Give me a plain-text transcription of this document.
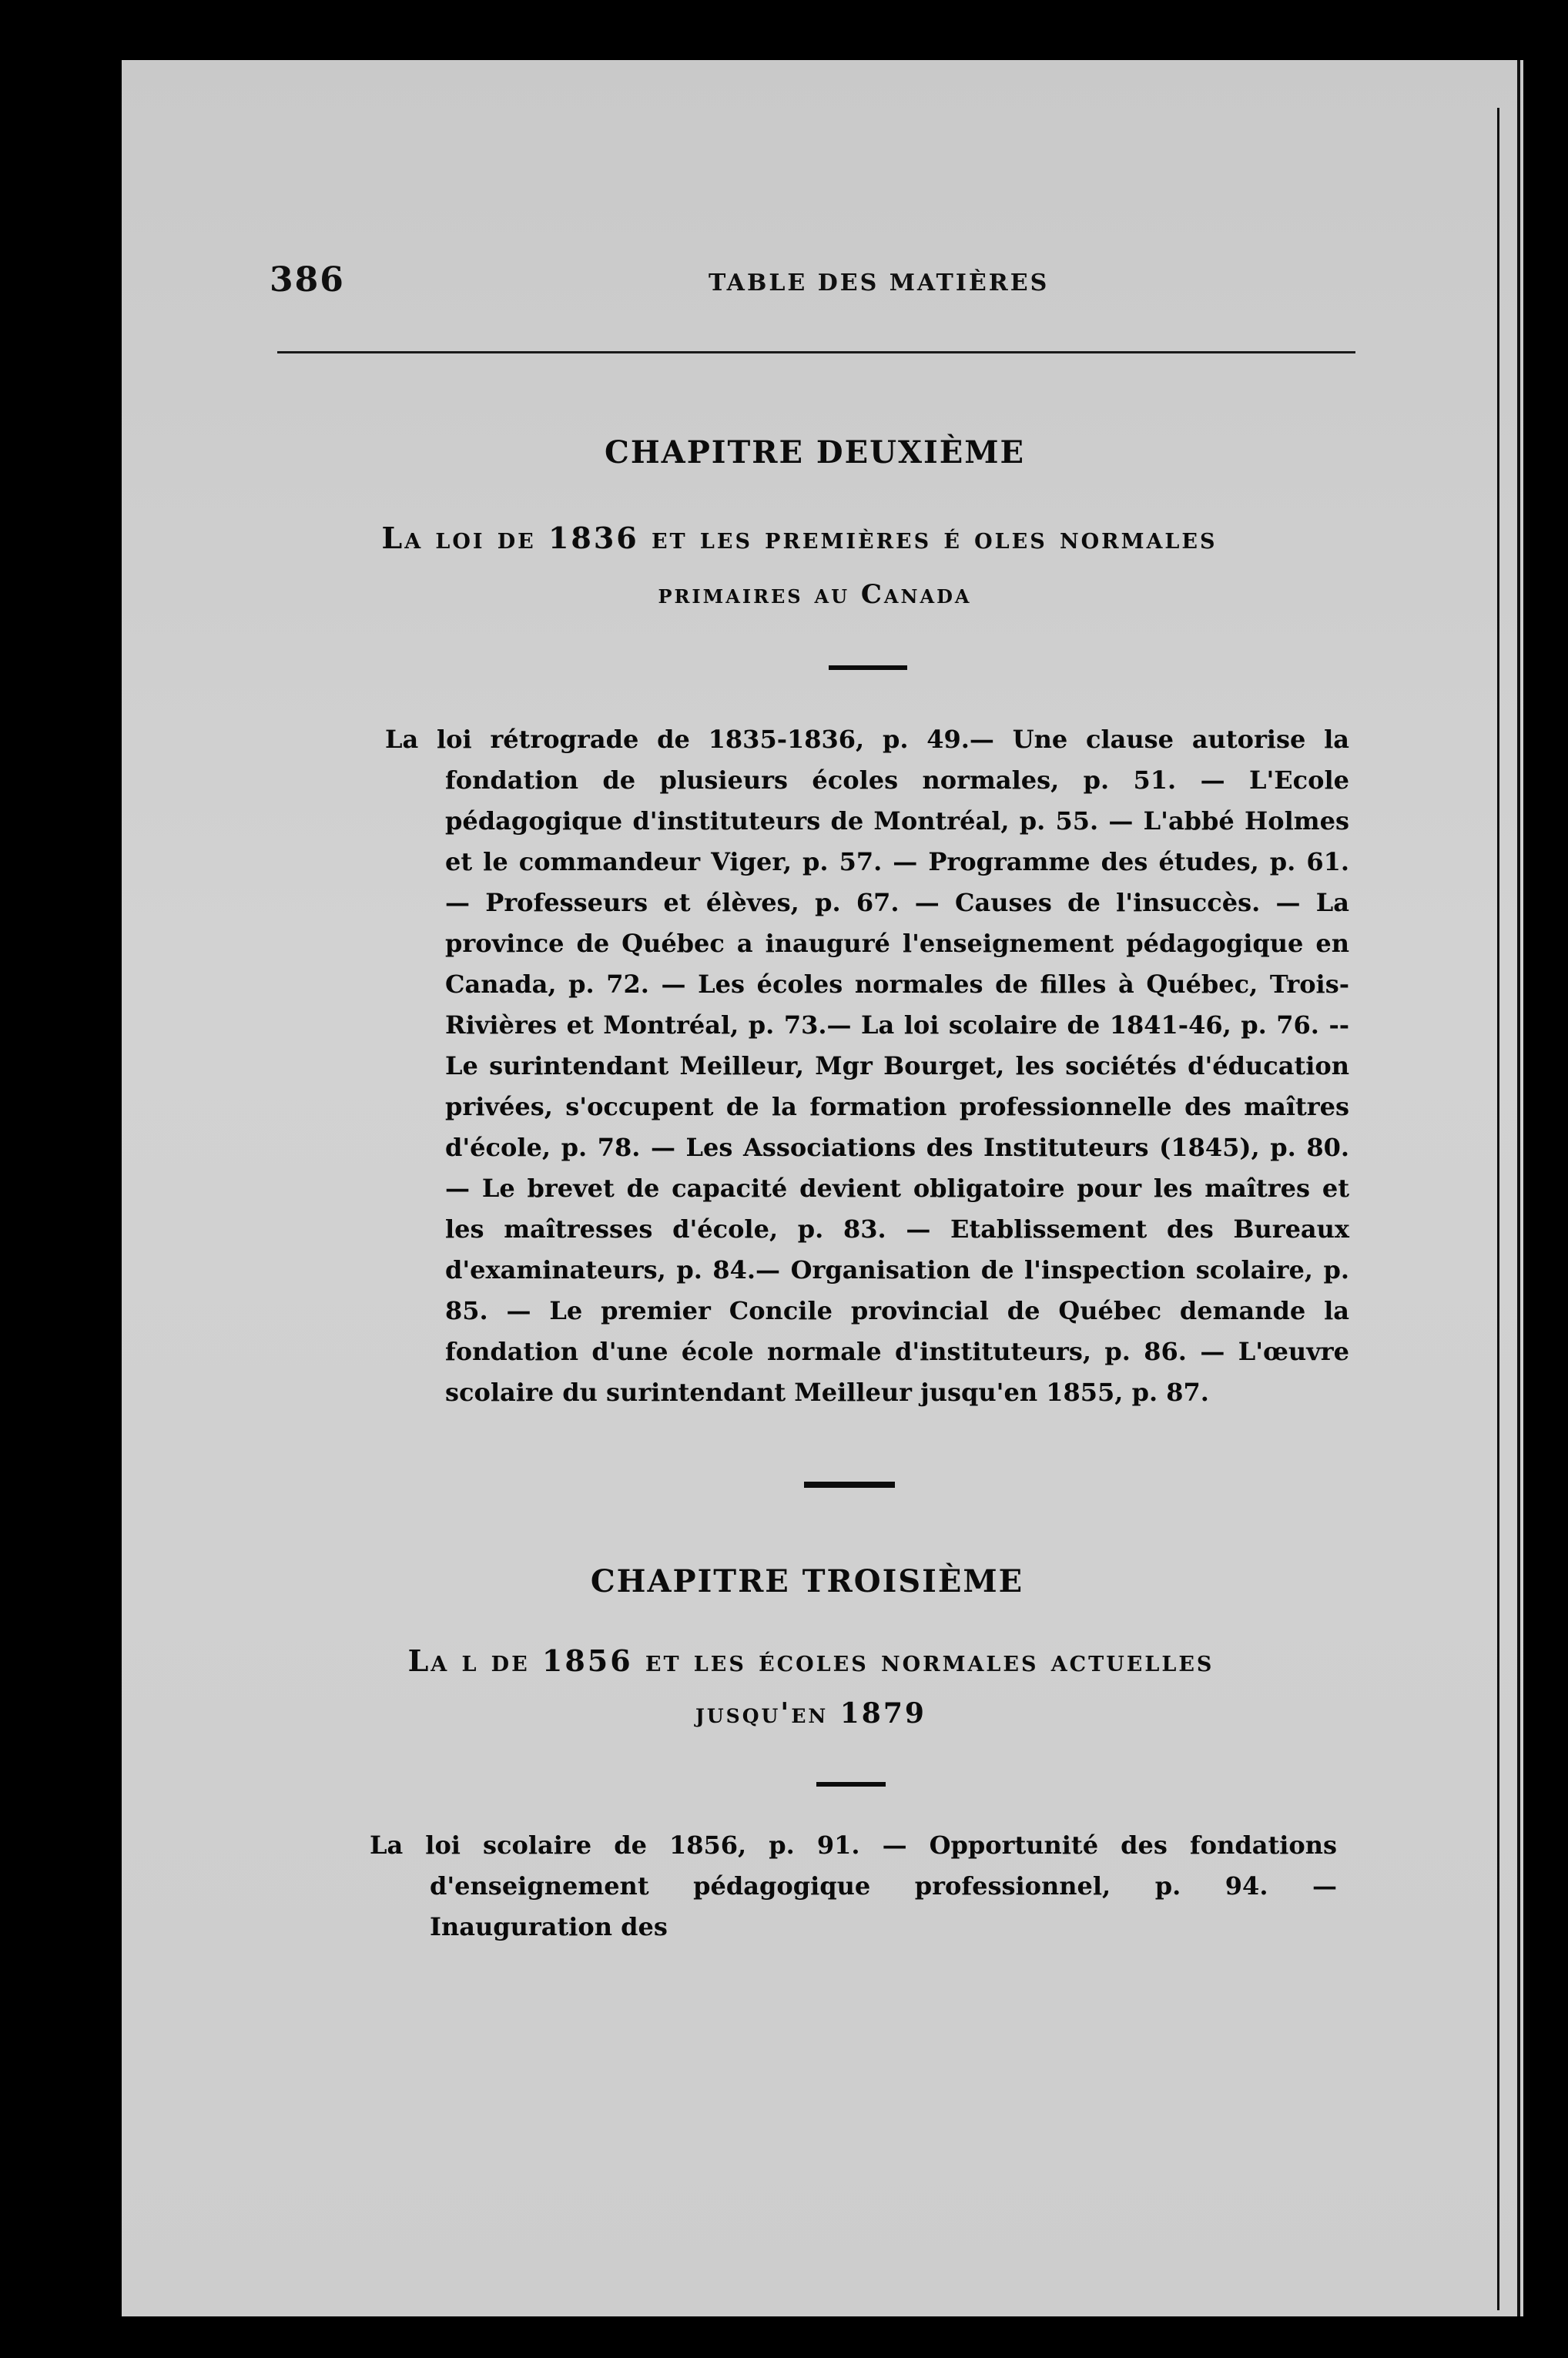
386	TABLE DES MATIÈRES
CHAPITRE DEUXIÈME
La loi de 1836 et les premières é oles normales
primaires au Canada
La loi rétrograde de 1835-1836, p. 49.— Une clause autorise la fondation de plusieurs écoles normales, p. 51. — L'Ecole pédagogique d'instituteurs de Montréal, p. 55. — L'abbé Holmes et le commandeur Viger, p. 57. — Programme des études, p. 61. — Professeurs et élèves, p. 67. — Causes de l'insuccès. — La province de Québec a inauguré l'enseignement pédagogique en Canada, p. 72. — Les écoles normales de filles à Québec, Trois-Rivières et Montréal, p. 73.— La loi scolaire de 1841-46, p. 76. -- Le surintendant Meilleur, Mgr Bourget, les sociétés d'éducation privées, s'occupent de la formation professionnelle des maîtres d'école, p. 78. — Les Associations des Instituteurs (1845), p. 80. — Le brevet de capacité devient obligatoire pour les maîtres et les maîtresses d'école, p. 83. — Etablissement des Bureaux d'examinateurs, p. 84.— Organisation de l'inspection scolaire, p. 85. — Le premier Concile provincial de Québec demande la fondation d'une école normale d'instituteurs, p. 86. — L'œuvre scolaire du surintendant Meilleur jusqu'en 1855, p. 87.
CHAPITRE TROISIÈME
La l de 1856 et les écoles normales actuelles
jusqu'en 1879
La loi scolaire de 1856, p. 91. — Opportunité des fondations d'enseignement pédagogique professionnel, p. 94. — Inauguration des
